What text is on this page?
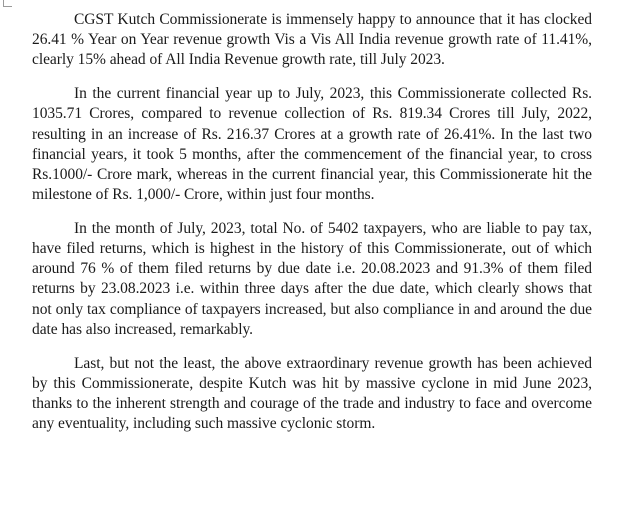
CGST Kutch Commissionerate is immensely happy to announce that it has clocked 26.41 % Year on Year revenue growth Vis a Vis All India revenue growth rate of 11.41%, clearly 15% ahead of All India Revenue growth rate, till July 2023.

In the current financial year up to July, 2023, this Commissionerate collected Rs. 1035.71 Crores, compared to revenue collection of Rs. 819.34 Crores till July, 2022, resulting in an increase of Rs. 216.37 Crores at a growth rate of 26.41%. In the last two financial years, it took 5 months, after the commencement of the financial year, to cross Rs.1000/- Crore mark, whereas in the current financial year, this Commissionerate hit the milestone of Rs. 1,000/- Crore, within just four months.

In the month of July, 2023, total No. of 5402 taxpayers, who are liable to pay tax, have filed returns, which is highest in the history of this Commissionerate, out of which around 76 % of them filed returns by due date i.e. 20.08.2023 and 91.3% of them filed returns by 23.08.2023 i.e. within three days after the due date, which clearly shows that not only tax compliance of taxpayers increased, but also compliance in and around the due date has also increased, remarkably.

Last, but not the least, the above extraordinary revenue growth has been achieved by this Commissionerate, despite Kutch was hit by massive cyclone in mid June 2023, thanks to the inherent strength and courage of the trade and industry to face and overcome any eventuality, including such massive cyclonic storm.
